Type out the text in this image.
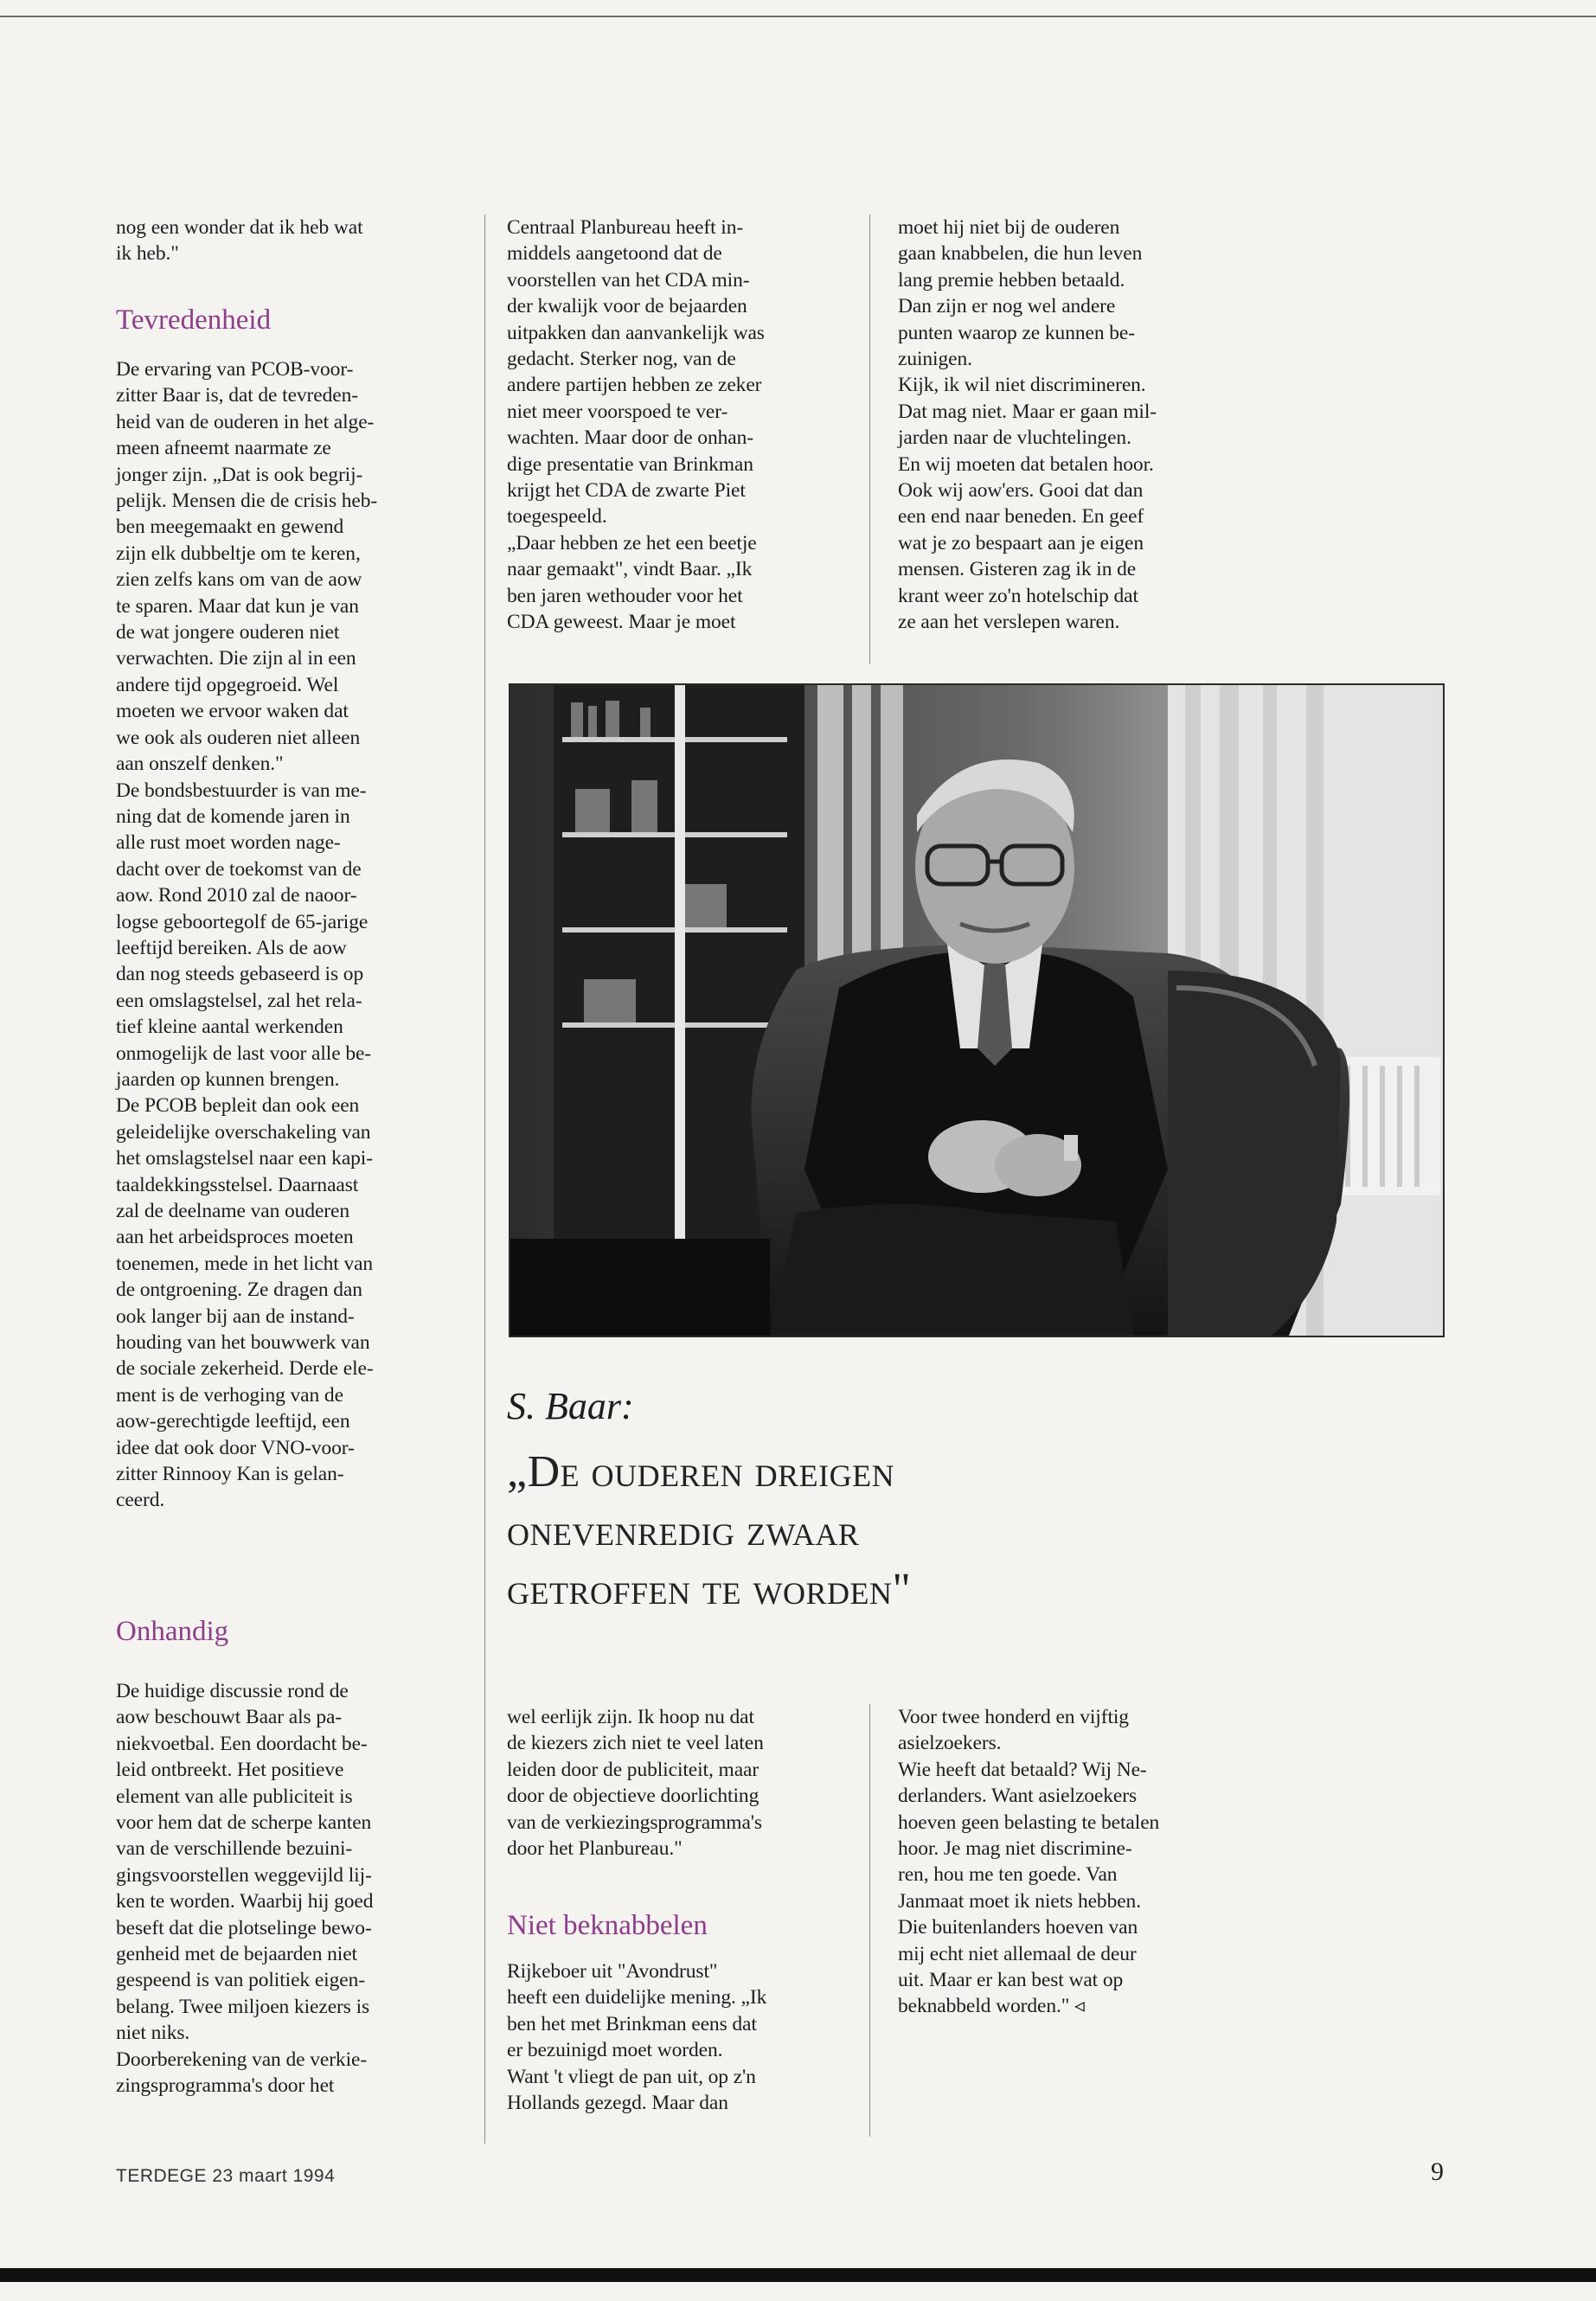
nog een wonder dat ik heb wat
ik heb."

Tevredenheid

De ervaring van PCOB-voor-
zitter Baar is, dat de tevreden-
heid van de ouderen in het alge-
meen afneemt naarmate ze
jonger zijn. „Dat is ook begrij-
pelijk. Mensen die de crisis heb-
ben meegemaakt en gewend
zijn elk dubbeltje om te keren,
zien zelfs kans om van de aow
te sparen. Maar dat kun je van
de wat jongere ouderen niet
verwachten. Die zijn al in een
andere tijd opgegroeid. Wel
moeten we ervoor waken dat
we ook als ouderen niet alleen
aan onszelf denken."
De bondsbestuurder is van me-
ning dat de komende jaren in
alle rust moet worden nage-
dacht over de toekomst van de
aow. Rond 2010 zal de naoor-
logse geboortegolf de 65-jarige
leeftijd bereiken. Als de aow
dan nog steeds gebaseerd is op
een omslagstelsel, zal het rela-
tief kleine aantal werkenden
onmogelijk de last voor alle be-
jaarden op kunnen brengen.
De PCOB bepleit dan ook een
geleidelijke overschakeling van
het omslagstelsel naar een kapi-
taaldekkingsstelsel. Daarnaast
zal de deelname van ouderen
aan het arbeidsproces moeten
toenemen, mede in het licht van
de ontgroening. Ze dragen dan
ook langer bij aan de instand-
houding van het bouwwerk van
de sociale zekerheid. Derde ele-
ment is de verhoging van de
aow-gerechtigde leeftijd, een
idee dat ook door VNO-voor-
zitter Rinnooy Kan is gelan-
ceerd.

Onhandig

De huidige discussie rond de
aow beschouwt Baar als pa-
niekvoetbal. Een doordacht be-
leid ontbreekt. Het positieve
element van alle publiciteit is
voor hem dat de scherpe kanten
van de verschillende bezuini-
gingsvoorstellen weggevijld lij-
ken te worden. Waarbij hij goed
beseft dat die plotselinge bewo-
genheid met de bejaarden niet
gespeend is van politiek eigen-
belang. Twee miljoen kiezers is
niet niks.
Doorberekening van de verkie-
zingsprogramma's door het

Centraal Planbureau heeft in-
middels aangetoond dat de
voorstellen van het CDA min-
der kwalijk voor de bejaarden
uitpakken dan aanvankelijk was
gedacht. Sterker nog, van de
andere partijen hebben ze zeker
niet meer voorspoed te ver-
wachten. Maar door de onhan-
dige presentatie van Brinkman
krijgt het CDA de zwarte Piet
toegespeeld.
„Daar hebben ze het een beetje
naar gemaakt", vindt Baar. „Ik
ben jaren wethouder voor het
CDA geweest. Maar je moet

moet hij niet bij de ouderen
gaan knabbelen, die hun leven
lang premie hebben betaald.
Dan zijn er nog wel andere
punten waarop ze kunnen be-
zuinigen.
Kijk, ik wil niet discrimineren.
Dat mag niet. Maar er gaan mil-
jarden naar de vluchtelingen.
En wij moeten dat betalen hoor.
Ook wij aow'ers. Gooi dat dan
een end naar beneden. En geef
wat je zo bespaart aan je eigen
mensen. Gisteren zag ik in de
krant weer zo'n hotelschip dat
ze aan het verslepen waren.

S. Baar:

„De ouderen dreigen
onevenredig zwaar
getroffen te worden"

wel eerlijk zijn. Ik hoop nu dat
de kiezers zich niet te veel laten
leiden door de publiciteit, maar
door de objectieve doorlichting
van de verkiezingsprogramma's
door het Planbureau."

Niet beknabbelen

Rijkeboer uit "Avondrust"
heeft een duidelijke mening. „Ik
ben het met Brinkman eens dat
er bezuinigd moet worden.
Want 't vliegt de pan uit, op z'n
Hollands gezegd. Maar dan

Voor twee honderd en vijftig
asielzoekers.
Wie heeft dat betaald? Wij Ne-
derlanders. Want asielzoekers
hoeven geen belasting te betalen
hoor. Je mag niet discrimine-
ren, hou me ten goede. Van
Janmaat moet ik niets hebben.
Die buitenlanders hoeven van
mij echt niet allemaal de deur
uit. Maar er kan best wat op
beknabbeld worden." ◃

TERDEGE 23 maart 1994	9
